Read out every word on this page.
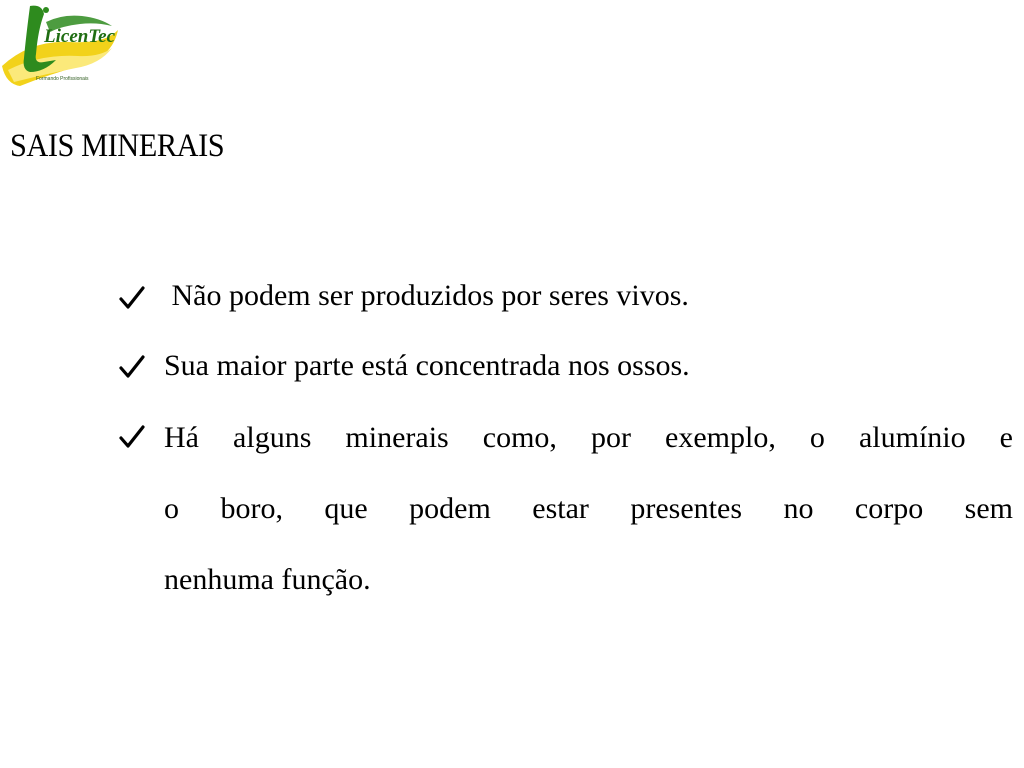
LicenTec
Formando Profissionais
SAIS MINERAIS
Não podem ser produzidos por seres vivos.
Sua maior parte está concentrada nos ossos.
Há alguns minerais como, por exemplo, o alumínio e
o boro, que podem estar presentes no corpo sem
nenhuma função.
